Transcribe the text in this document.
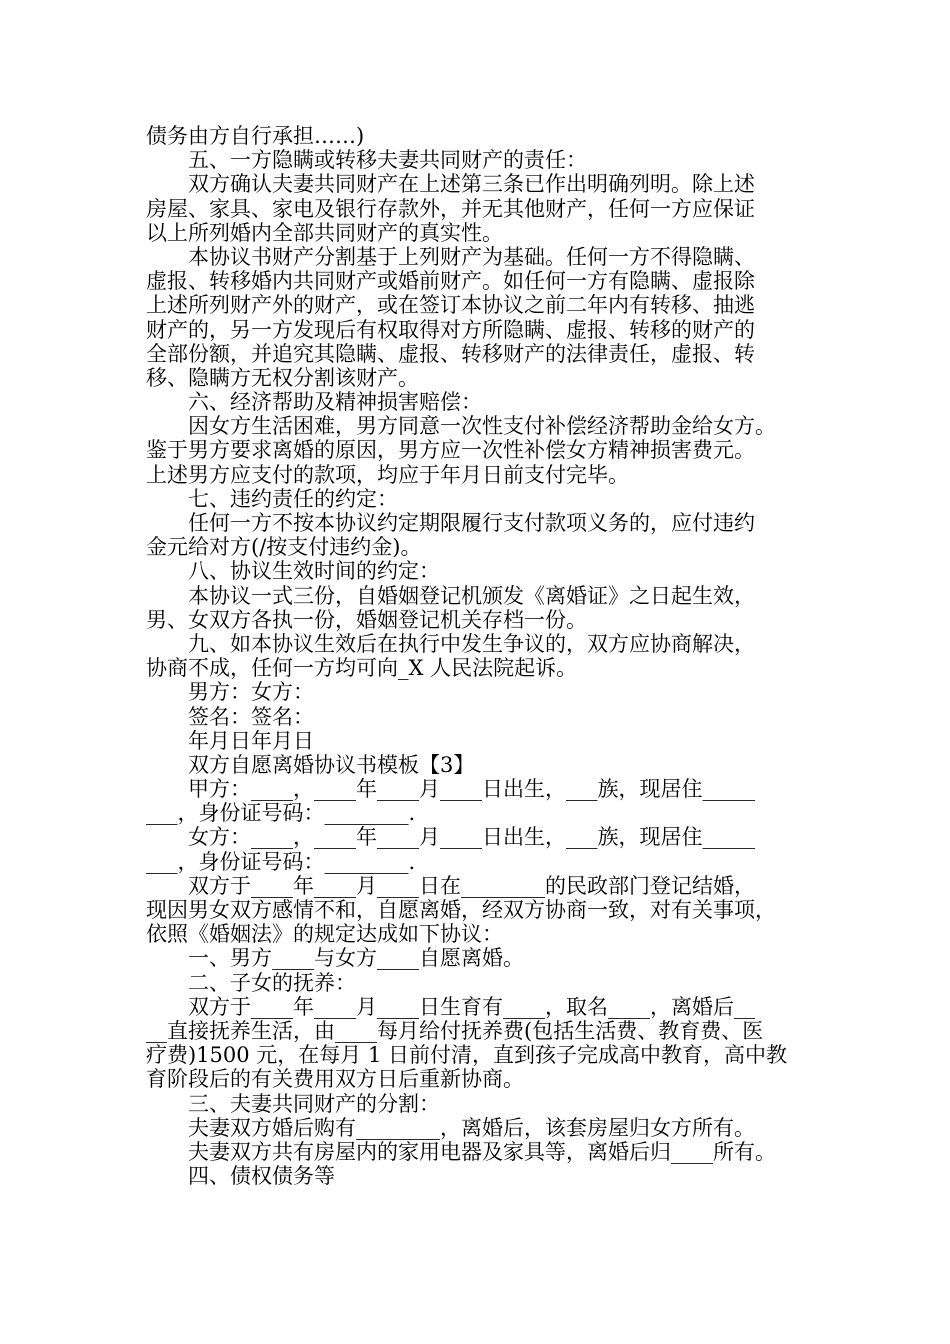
债务由方自行承担……)
　　五、一方隐瞒或转移夫妻共同财产的责任：
　　双方确认夫妻共同财产在上述第三条已作出明确列明。除上述
房屋、家具、家电及银行存款外，并无其他财产，任何一方应保证
以上所列婚内全部共同财产的真实性。
　　本协议书财产分割基于上列财产为基础。任何一方不得隐瞒、
虚报、转移婚内共同财产或婚前财产。如任何一方有隐瞒、虚报除
上述所列财产外的财产，或在签订本协议之前二年内有转移、抽逃
财产的，另一方发现后有权取得对方所隐瞒、虚报、转移的财产的
全部份额，并追究其隐瞒、虚报、转移财产的法律责任，虚报、转
移、隐瞒方无权分割该财产。
　　六、经济帮助及精神损害赔偿：
　　因女方生活困难，男方同意一次性支付补偿经济帮助金给女方。
鉴于男方要求离婚的原因，男方应一次性补偿女方精神损害费元。
上述男方应支付的款项，均应于年月日前支付完毕。
　　七、违约责任的约定：
　　任何一方不按本协议约定期限履行支付款项义务的，应付违约
金元给对方(/按支付违约金)。
　　八、协议生效时间的约定：
　　本协议一式三份，自婚姻登记机颁发《离婚证》之日起生效，
男、女双方各执一份，婚姻登记机关存档一份。
　　九、如本协议生效后在执行中发生争议的，双方应协商解决，
协商不成，任何一方均可向_X 人民法院起诉。
　　男方：女方：
　　签名：签名：
　　年月日年月日
　　双方自愿离婚协议书模板【3】
　　甲方：____，____年____月____日出生，___族，现居住_____
___，身份证号码：________.
　　女方：____，____年____月____日出生，___族，现居住_____
___，身份证号码：________.
　　双方于____年____月____日在________的民政部门登记结婚，
现因男女双方感情不和，自愿离婚，经双方协商一致，对有关事项，
依照《婚姻法》的规定达成如下协议：
　　一、男方____与女方____自愿离婚。
　　二、子女的抚养：
　　双方于____年____月____日生育有____，取名____，离婚后__
__直接抚养生活，由____每月给付抚养费(包括生活费、教育费、医
疗费)1500 元，在每月 1 日前付清，直到孩子完成高中教育，高中教
育阶段后的有关费用双方日后重新协商。
　　三、夫妻共同财产的分割：
　　夫妻双方婚后购有________，离婚后，该套房屋归女方所有。
　　夫妻双方共有房屋内的家用电器及家具等，离婚后归____所有。
　　四、债权债务等
